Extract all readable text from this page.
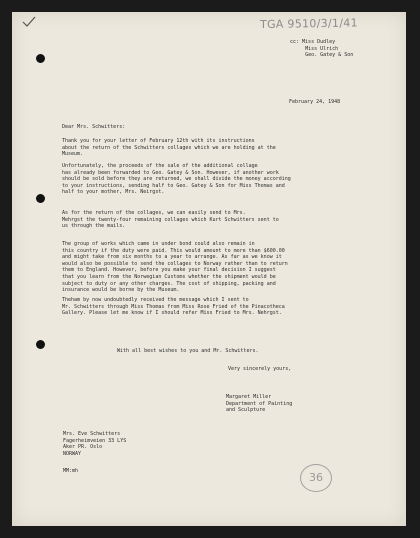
TGA 9510/3/1/41
cc: Miss Dudley
Miss Ulrich
Geo. Gatey & Son
February 24, 1948
Dear Mrs. Schwitters:
Thank you for your letter of February 12th with its instructions
about the return of the Schwitters collages which we are holding at the
Museum.
Unfortunately, the proceeds of the sale of the additional collage
has already been forwarded to Geo. Gatey & Son. However, if another work
should be sold before they are returned, we shall divide the money according
to your instructions, sending half to Geo. Gatey & Son for Miss Thomas and
half to your mother, Mrs. Neirgst.
As for the return of the collages, we can easily send to Mrs.
Mehrgst the twenty-four remaining collages which Kurt Schwitters sent to
us through the mails.
The group of works which came in under bond could also remain in
this country if the duty were paid. This would amount to more than $600.00
and might take from six months to a year to arrange. As far as we know it
would also be possible to send the collages to Norway rather than to return
them to England. However, before you make your final decision I suggest
that you learn from the Norwegian Customs whether the shipment would be
subject to duty or any other charges. The cost of shipping, packing and
insurance would be borne by the Museum.
Theham by now undoubtedly received the message which I sent to
Mr. Schwitters through Miss Thomas from Miss Rose Fried of the Pinacotheca
Gallery. Please let me know if I should refer Miss Fried to Mrs. Nehrgst.
With all best wishes to you and Mr. Schwitters.
Very sincerely yours,
Margaret Miller
Department of Painting
and Sculpture
Mrs. Eve Schwitters
Fagerheimveien 33 LYS
Aker PR. Oslo
NORWAY
MM:mh	36
